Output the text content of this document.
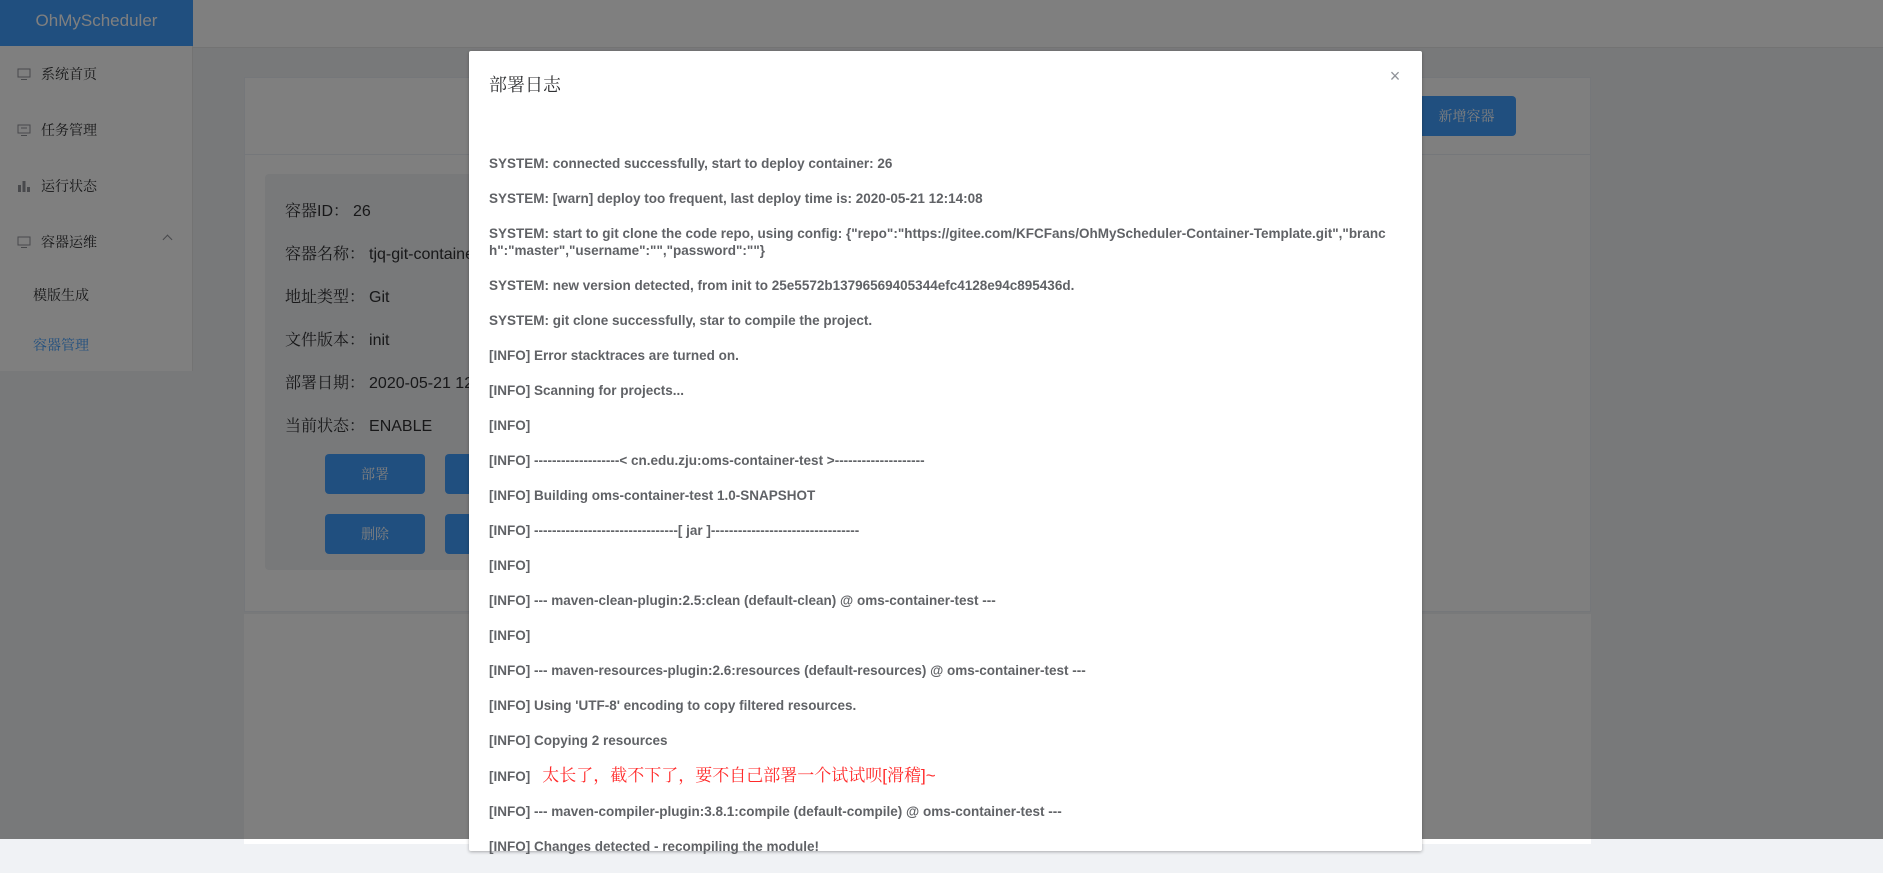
部署日志	×
SYSTEM: connected successfully, start to deploy container: 26
SYSTEM: [warn] deploy too frequent, last deploy time is: 2020-05-21 12:14:08
SYSTEM: start to git clone the code repo, using config: {"repo":"https://gitee.com/KFCFans/OhMyScheduler-Container-Template.git","branch":"master","username":"","password":""}
SYSTEM: new version detected, from init to 25e5572b13796569405344efc4128e94c895436d.
SYSTEM: git clone successfully, star to compile the project.
[INFO] Error stacktraces are turned on.
[INFO] Scanning for projects...
[INFO]
[INFO] -------------------< cn.edu.zju:oms-container-test >--------------------
[INFO] Building oms-container-test 1.0-SNAPSHOT
[INFO] --------------------------------[ jar ]---------------------------------
[INFO]
[INFO] --- maven-clean-plugin:2.5:clean (default-clean) @ oms-container-test ---
[INFO]
[INFO] --- maven-resources-plugin:2.6:resources (default-resources) @ oms-container-test ---
[INFO] Using 'UTF-8' encoding to copy filtered resources.
[INFO] Copying 2 resources
[INFO] 太长了，截不下了，要不自己部署一个试试呗[滑稽]~
[INFO] --- maven-compiler-plugin:3.8.1:compile (default-compile) @ oms-container-test ---
[INFO] Changes detected - recompiling the module!
